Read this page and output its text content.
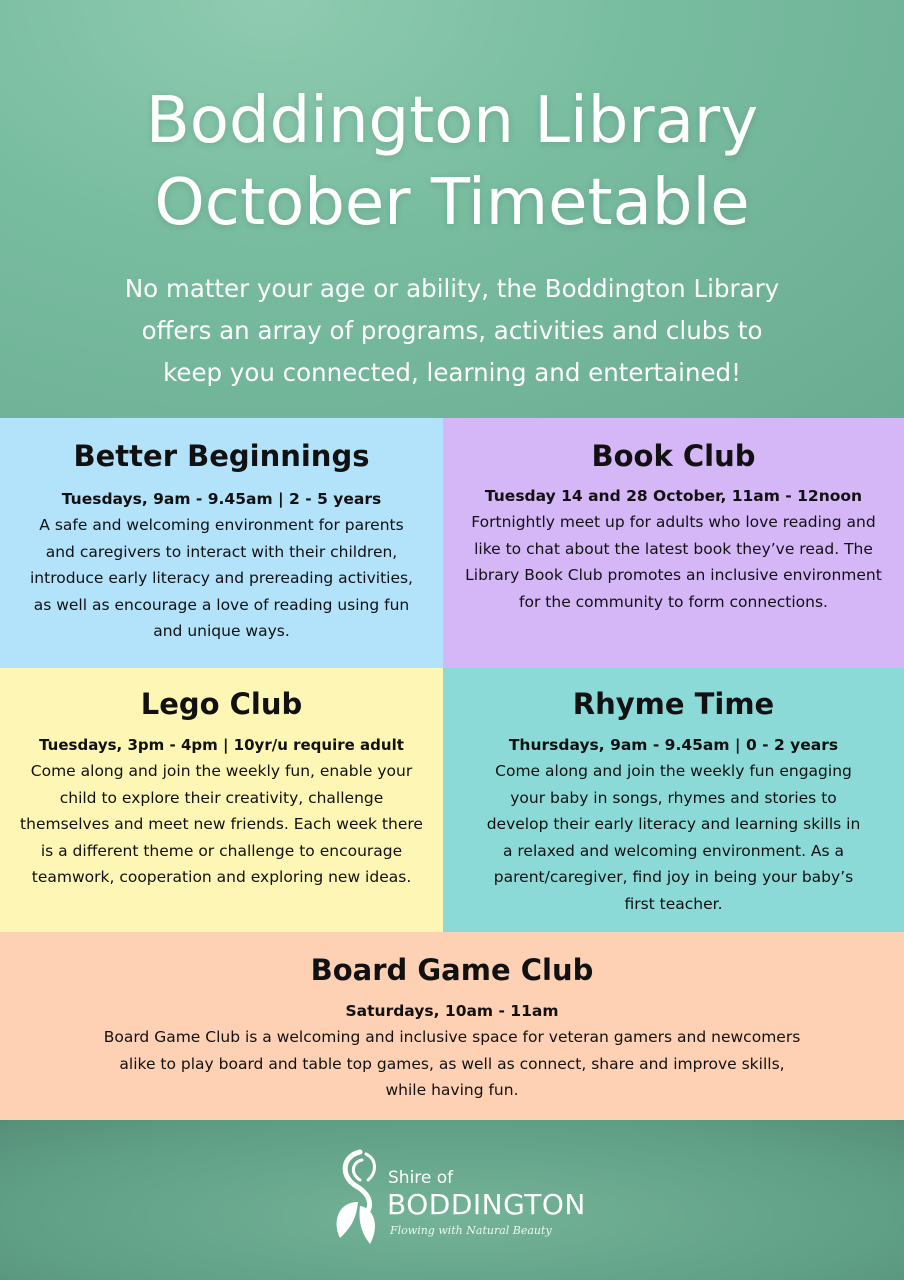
Boddington Library
October Timetable

No matter your age or ability, the Boddington Library
offers an array of programs, activities and clubs to
keep you connected, learning and entertained!

Better Beginnings

Tuesdays, 9am - 9.45am | 2 - 5 years

A safe and welcoming environment for parents and caregivers to interact with their children, introduce early literacy and prereading activities, as well as encourage a love of reading using fun and unique ways.

Book Club

Tuesday 14 and 28 October, 11am - 12noon

Fortnightly meet up for adults who love reading and like to chat about the latest book they’ve read. The Library Book Club promotes an inclusive environment for the community to form connections.

Lego Club

Tuesdays, 3pm - 4pm | 10yr/u require adult

Come along and join the weekly fun, enable your child to explore their creativity, challenge themselves and meet new friends. Each week there is a different theme or challenge to encourage teamwork, cooperation and exploring new ideas.

Rhyme Time

Thursdays, 9am - 9.45am | 0 - 2 years

Come along and join the weekly fun engaging your baby in songs, rhymes and stories to develop their early literacy and learning skills in a relaxed and welcoming environment. As a parent/caregiver, find joy in being your baby’s first teacher.

Board Game Club

Saturdays, 10am - 11am

Board Game Club is a welcoming and inclusive space for veteran gamers and newcomers alike to play board and table top games, as well as connect, share and improve skills, while having fun.

Shire of
BODDINGTON
Flowing with Natural Beauty
